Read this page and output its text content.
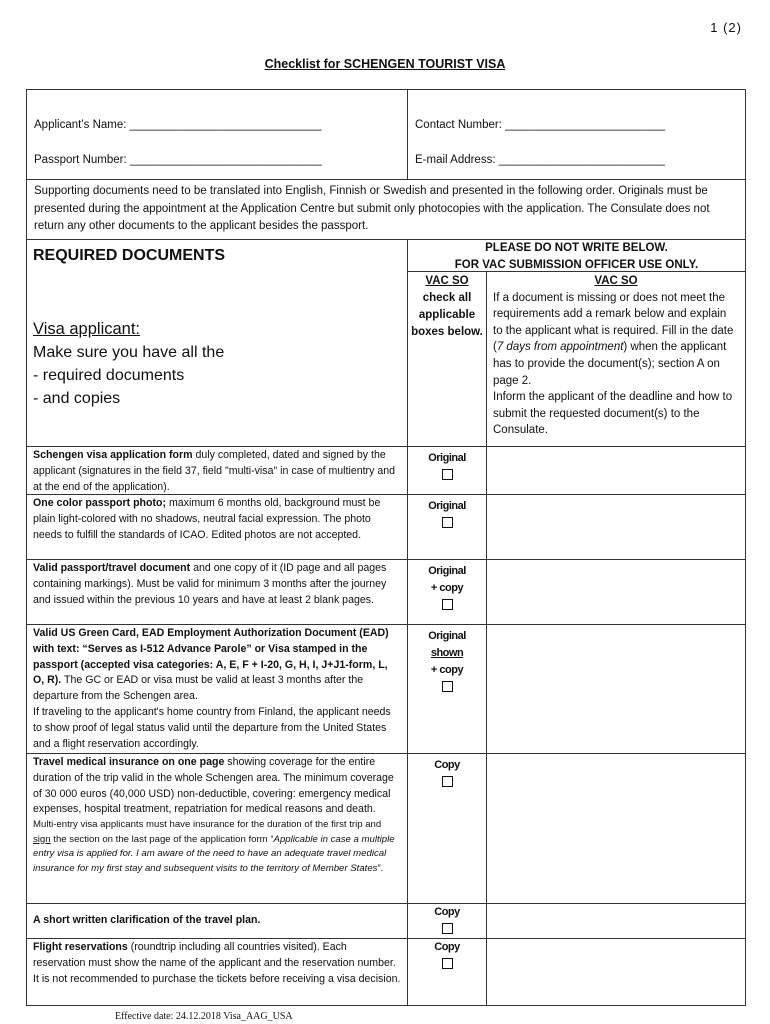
1 (2)
Checklist for SCHENGEN TOURIST VISA
Applicant’s Name: ______________________________
Passport Number: ______________________________
Contact Number: _________________________
E-mail Address: __________________________
Supporting documents need to be translated into English, Finnish or Swedish and presented in the following order. Originals must be presented during the appointment at the Application Centre but submit only photocopies with the application. The Consulate does not return any other documents to the applicant besides the passport.
REQUIRED DOCUMENTS
Visa applicant:
Make sure you have all the
- required documents
- and copies
PLEASE DO NOT WRITE BELOW.
FOR VAC SUBMISSION OFFICER USE ONLY.
VAC SO
check all applicable boxes below.
VAC SO
If a document is missing or does not meet the requirements add a remark below and explain to the applicant what is required. Fill in the date (7 days from appointment) when the applicant has to provide the document(s); section A on page 2.
Inform the applicant of the deadline and how to submit the requested document(s) to the Consulate.
Schengen visa application form duly completed, dated and signed by the applicant (signatures in the field 37, field "multi-visa" in case of multientry and at the end of the application).
Original
One color passport photo; maximum 6 months old, background must be plain light-colored with no shadows, neutral facial expression. The photo needs to fulfill the standards of ICAO. Edited photos are not accepted.
Original
Valid passport/travel document and one copy of it (ID page and all pages containing markings). Must be valid for minimum 3 months after the journey and issued within the previous 10 years and have at least 2 blank pages.
Original
+ copy
Valid US Green Card, EAD Employment Authorization Document (EAD) with text: “Serves as I-512 Advance Parole” or Visa stamped in the passport (accepted visa categories: A, E, F + I-20, G, H, I, J+J1-form, L, O, R). The GC or EAD or visa must be valid at least 3 months after the departure from the Schengen area.
If traveling to the applicant's home country from Finland, the applicant needs to show proof of legal status valid until the departure from the United States and a flight reservation accordingly.
Original
shown
+ copy
Travel medical insurance on one page showing coverage for the entire duration of the trip valid in the whole Schengen area. The minimum coverage of 30 000 euros (40,000 USD) non-deductible, covering: emergency medical expenses, hospital treatment, repatriation for medical reasons and death.
Multi-entry visa applicants must have insurance for the duration of the first trip and sign the section on the last page of the application form “Applicable in case a multiple entry visa is applied for. I am aware of the need to have an adequate travel medical insurance for my first stay and subsequent visits to the territory of Member States”.
Copy
A short written clarification of the travel plan.
Copy
Flight reservations (roundtrip including all countries visited). Each reservation must show the name of the applicant and the reservation number. It is not recommended to purchase the tickets before receiving a visa decision.
Copy
Effective date: 24.12.2018 Visa_AAG_USA
